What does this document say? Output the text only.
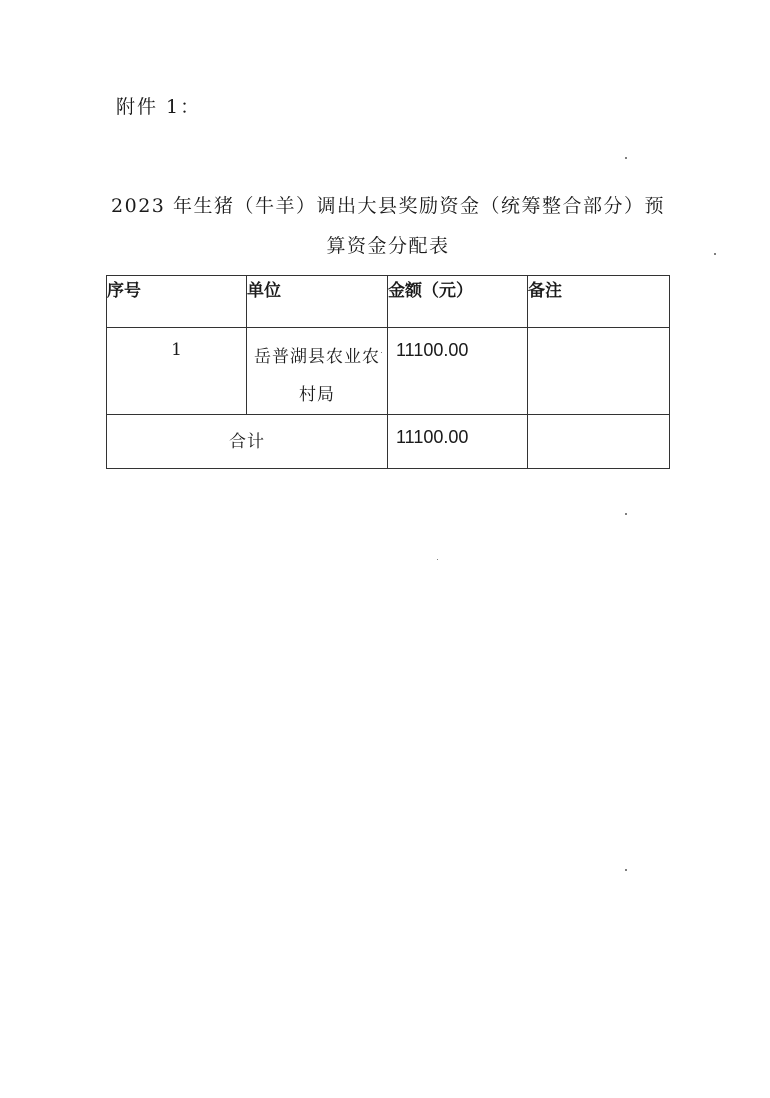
附件 1：
2023 年生猪（牛羊）调出大县奖励资金（统筹整合部分）预
算资金分配表
序号	单位	金额（元）	备注
1	岳普湖县农业农村局	11100.00	
合计		11100.00	
